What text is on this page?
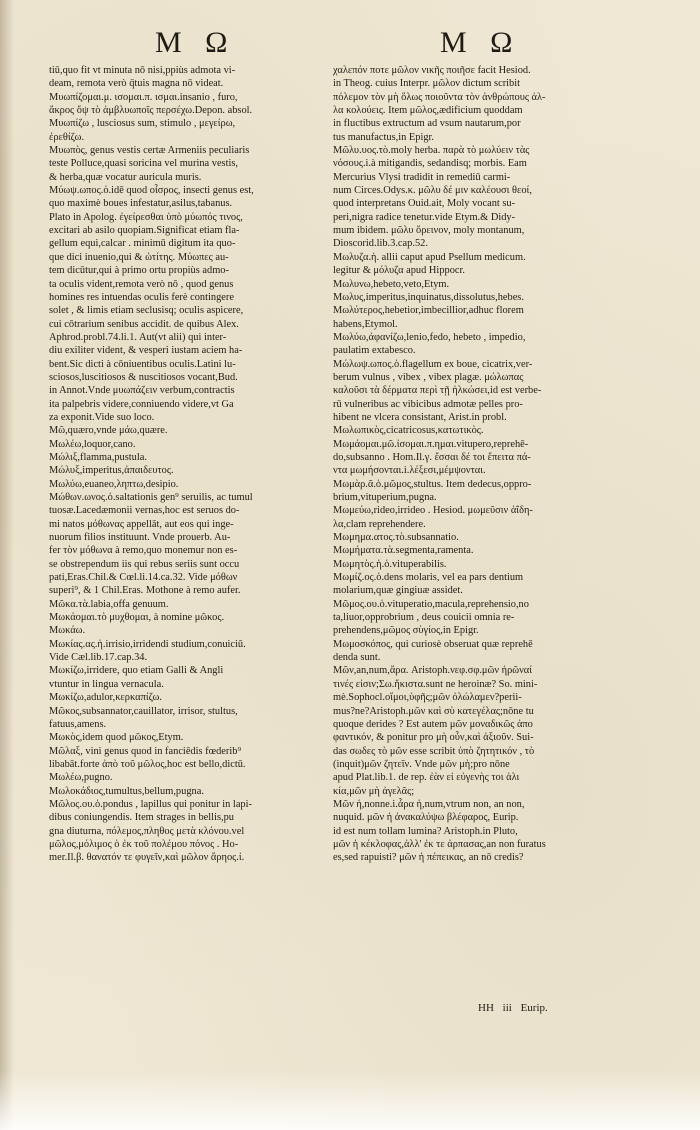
M Ω	M Ω
tiū,quo fit vt minuta nō nisi,ppiùs admota vi-
deam, remota verò q̄tuis magna nō videat.
Μυωπίζομαι.μ. ισομαι.π. ισμαι.insanio , furo,
ἄκρος ὄψ τὸ ἀμβλυωποῖς περσέχω.Depon. absol.
Μυωπίζω , lusciosus sum, stimulo , μεγείρω,
ἐρεθίζω.
Μυωπὸς, genus vestis certæ Armeniis peculiaris
teste Polluce,quasi soricina vel murina vestis,
& herba,quæ vocatur auricula muris.
Μύωψ.ωπος.ὁ.idē quod οἶσρος, insecti genus est,
quo maximè boues infestatur,asilus,tabanus.
Plato in Apolog. ἐγείρεσθαι ὑπὸ μύωπός τινος,
excitari ab asilo quopiam.Significat etiam fla-
gellum equi,calcar . minimū digitum ita quo-
que dici inuenio,qui & ὠτίτης. Μύωπες au-
tem dicūtur,qui à primo ortu propiùs admo-
ta oculis vident,remota verò nō , quod genus
homines res intuendas oculis ferè contingere
solet , & limis etiam seclusisq; oculis aspicere,
cui cōtrarium senibus accidit. de quibus Alex.
Aphrod.probl.74.li.1. Aut(vt alii) qui inter-
diu exiliter vident, & vesperi iustam aciem ha-
bent.Sic dicti à cōniuentibus oculis.Latini lu-
sciosos,luscitiosos & nuscitiosos vocant,Bud.
in Annot.Vnde μυωπάζειν verbum,contractis
ita palpebris videre,conniuendo videre,vt Ga
za exponit.Vide suo loco.
Μῶ,quæro,vnde μάω,quære.
Μωλέω,loquor,cano.
Μώλιξ,flamma,pustula.
Μώλυξ,imperitus,ἀπαιδευτος.
Μωλύω,euaneo,ληπτω,desipio.
Μώθων.ωνος.ὁ.saltationis gen⁹ seruilis, ac tumul
tuosæ.Lacedæmonii vernas,hoc est seruos do-
mi natos μόθωνας appellāt, aut eos qui inge-
nuorum filios instituunt. Vnde prouerb. Au-
fer τὸν μόθωνα à remo,quo monemur non es-
se obstrependum iis qui rebus seriis sunt occu
pati,Eras.Chil.& Cœl.li.14.ca.32. Vide μόθων
superi⁹, & 1 Chil.Eras. Mothone à remo aufer.
Μῶκα.τὰ.labia,offa genuum.
Μωκάομαι.τὸ μυχθομαι, à nomine μῶκος.
Μωκάω.
Μωκίας.ας.ἡ.irrisio,irridendi studium,conuiciū.
Vide Cæl.lib.17.cap.34.
Μωκίζω,irridere, quo etiam Galli & Angli
vtuntur in lingua vernacula.
Μωκίζω,adulor,κερκαπίζω.
Μῶκος,subsannator,cauillator, irrisor, stultus,
fatuus,amens.
Μωκὸς,idem quod μῶκος,Etym.
Μῶλαξ, vini genus quod in fanciēdis fœderib⁹
libabāt.forte ἀπὸ τοῦ μῶλος,hoc est bello,dictū.
Μωλέω,pugno.
Μωλοκάδιος,tumultus,bellum,pugna.
Μῶλος.ου.ὁ.pondus , lapillus qui ponitur in lapi-
dibus coniungendis. Item strages in bellis,pu
gna diuturna, πόλεμος,πληθος μετὰ κλόνου.vel
μῶλος,μόλιμος ὁ ἐκ τοῦ πολέμου πόνος . Ho-
mer.Il.β. θανατόν τε φυγεῖν,καὶ μῶλον ἄρηος.ἰ.
χαλεπόν ποτε μῶλον νικῆς ποιῆσε facit Hesiod.
in Theog. cuius Interpr. μῶλον dictum scribit
πόλεμον τὸν μὴ ὅλως ποιοῦντα τὸν ἀνθρώπους ἀλ-
λα κολούεις. Item μῶλος,ædificium quoddam
in fluctibus extructum ad vsum nautarum,por
tus manufactus,in Epigr.
Μῶλυ.υος.τὸ.moly herba. παρὰ τὸ μωλύειν τὰς
νόσους.i.à mitigandis, sedandisq; morbis. Eam
Mercurius Vlysi tradidit in remediū carmi-
num Circes.Odys.κ. μῶλυ δέ μιν καλέουσι θεοί,
quod interpretans Ouid.ait, Moly vocant su-
peri,nigra radice tenetur.vide Etym.& Didy-
mum ibidem. μῶλυ ὄρεινον, moly montanum,
Dioscorid.lib.3.cap.52.
Μωλυζα.ἡ. allii caput apud Psellum medicum.
legitur & μόλυζα apud Hippocr.
Μωλυνω,hebeto,veto,Etym.
Μωλυς,imperitus,inquinatus,dissolutus,hebes.
Μωλύτερος,hebetior,imbecillior,adhuc florem
habens,Etymol.
Μωλύω,ἀφανίζω,lenio,fedo, hebeto , impedio,
paulatim extabesco.
Μώλωψ.ωπος.ὁ.flagellum ex boue, cicatrix,ver-
berum vulnus , vibex , vibex plagæ. μώλωπας
καλοῦσι τὰ δέρματα περὶ τῇ ἡλκώσει,id est verbe-
rū vulneribus ac vibicibus admotæ pelles pro-
hibent ne vlcera consistant, Arist.in probl.
Μωλωπικὸς,cicatricosus,κατωτικὸς.
Μωμάομαι.μῶ.ἰσομαι.π.ημαι.vitupero,reprehē-
do,subsanno . Hom.Il.γ. ἔσσαι δέ τοι ἔπειτα πά-
ντα μωμήσονται.i.λέξεσι,μέμψονται.
Μωμὰρ.ᾶ.ὁ.μῶμος,stultus. Item dedecus,oppro-
brium,vituperium,pugna.
Μωμεύω,rideo,irrideo . Hesiod. μωμεῦσιν ἀΐδη-
λα,clam reprehendere.
Μωμημα.ατος.τὸ.subsannatio.
Μωμήματα.τὰ.segmenta,ramenta.
Μωμητὸς.ἡ.ὁ.vituperabilis.
Μωμίζ.ος.ὁ.dens molaris, vel ea pars dentium
molarium,quæ gingiuæ assidet.
Μῶμος.ου.ὁ.vituperatio,macula,reprehensio,no
ta,liuor,opprobrium , deus couicii omnia re-
prehendens,μῶμος σὺγίος,in Epigr.
Μωμοσκόπος, qui curiosè obseruat quæ reprehē
denda sunt.
Μῶν,an,num,ἄρα. Aristoph.νεφ.σφ.μῶν ἡρῶναί
τινές εἰσιν;Σω.ἥκιστα.sunt ne heroinæ? So. mini-
mè.Sophocl.οἴμοι,ὑφῆς;μῶν ὀλώλαμεν?perii-
mus?ne?Aristoph.μῶν καὶ σὺ κατεγέλας;nōne tu
quoque derides ? Est autem μῶν μοναδικῶς ἀπο
φαντικόν, & ponitur pro μὴ οὖν,καὶ ἀξιοῦν. Sui-
das σωδες τὸ μῶν esse scribit ὑπὸ ζητητικόν , τὸ
(inquit)μῶν ζητεῖν. Vnde μῶν μὴ;pro nōne
apud Plat.lib.1. de rep. ἐὰν εἰ εὐγενὴς τοι ἀλι
κία,μῶν μὴ ἀγελᾶς;
Μῶν ἡ,nonne.i.ἆρα ἡ,num,vtrum non, an non,
nuquid. μῶν ἡ ἀνακαλύψω βλέφαρος, Eurip.
id est num tollam lumina? Aristoph.in Pluto,
μῶν ἡ κέκλοφας,ἀλλ' ἐκ τε ἀρπασας,an non furatus
es,sed rapuisti? μῶν ἡ πέπεικας, an nō credis?
HH iii Eurip.
